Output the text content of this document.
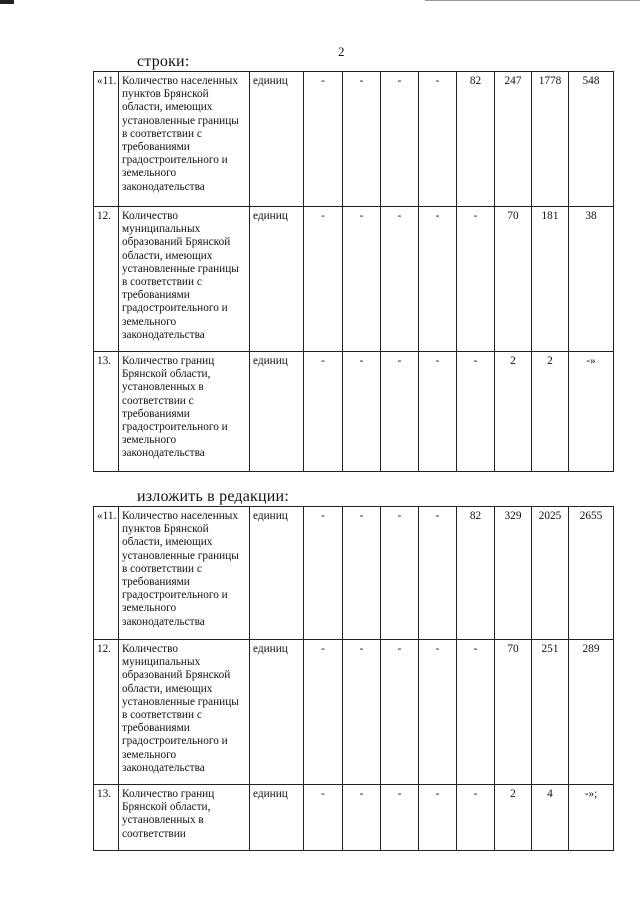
2
строки:
«11.	Количество населенных пунктов Брянской области, имеющих установленные границы в соответствии с требованиями градостроительного и земельного законодательства	единиц	-	-	-	-	82	247	1778	548
12.	Количество муниципальных образований Брянской области, имеющих установленные границы в соответствии с требованиями градостроительного и земельного законодательства	единиц	-	-	-	-	-	70	181	38
13.	Количество границ Брянской области, установленных в соответствии с требованиями градостроительного и земельного законодательства	единиц	-	-	-	-	-	2	2	-»
изложить в редакции:
«11.	Количество населенных пунктов Брянской области, имеющих установленные границы в соответствии с требованиями градостроительного и земельного законодательства	единиц	-	-	-	-	82	329	2025	2655
12.	Количество муниципальных образований Брянской области, имеющих установленные границы в соответствии с требованиями градостроительного и земельного законодательства	единиц	-	-	-	-	-	70	251	289
13.	Количество границ Брянской области, установленных в соответствии	единиц	-	-	-	-	-	2	4	-»;
